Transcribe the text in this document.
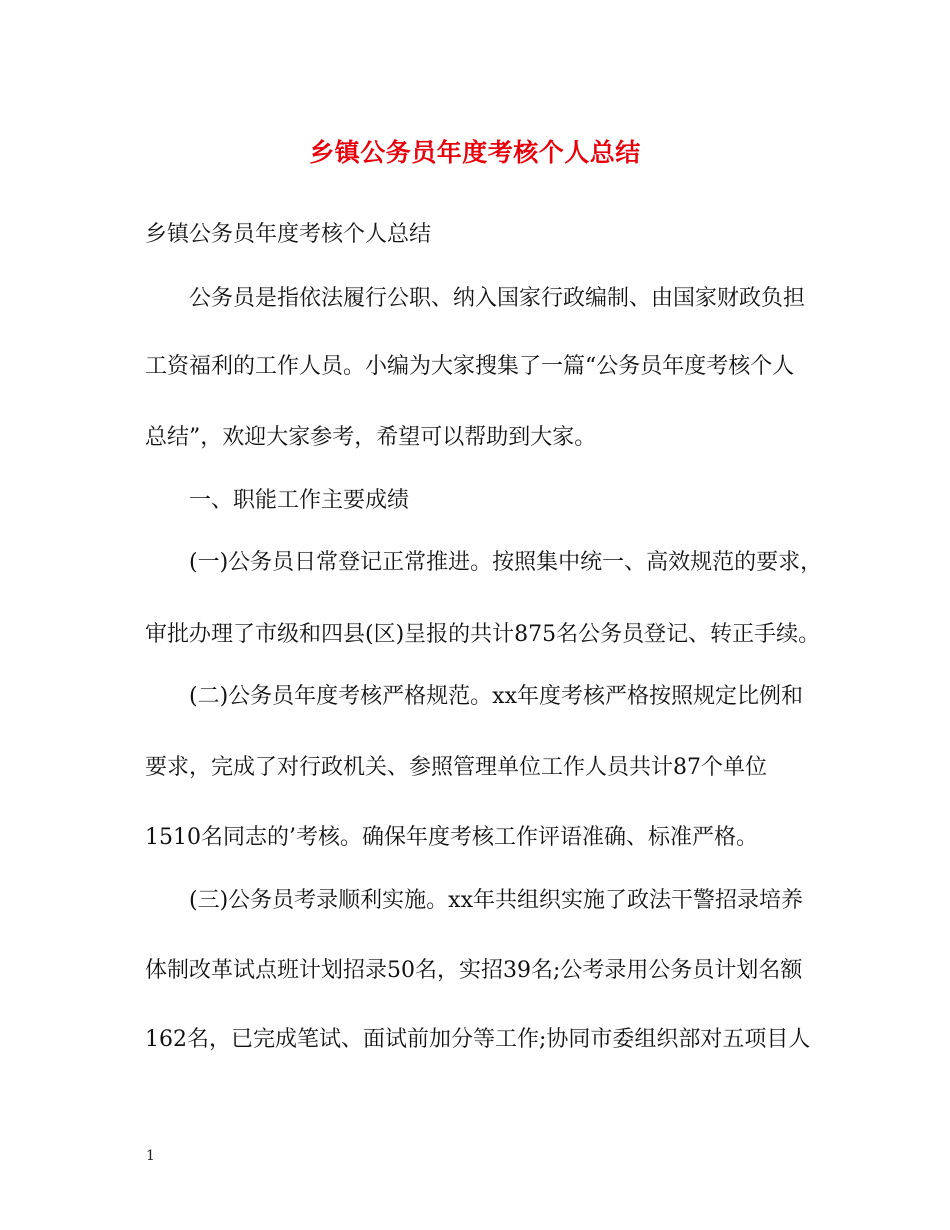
乡镇公务员年度考核个人总结
乡镇公务员年度考核个人总结
公务员是指依法履行公职、纳入国家行政编制、由国家财政负担
工资福利的工作人员。小编为大家搜集了一篇“公务员年度考核个人
总结”，欢迎大家参考，希望可以帮助到大家。
一、职能工作主要成绩
(一)公务员日常登记正常推进。按照集中统一、高效规范的要求，
审批办理了市级和四县(区)呈报的共计875名公务员登记、转正手续。
(二)公务员年度考核严格规范。xx年度考核严格按照规定比例和
要求，完成了对行政机关、参照管理单位工作人员共计87个单位
1510名同志的’考核。确保年度考核工作评语准确、标准严格。
(三)公务员考录顺利实施。xx年共组织实施了政法干警招录培养
体制改革试点班计划招录50名，实招39名;公考录用公务员计划名额
162名，已完成笔试、面试前加分等工作;协同市委组织部对五项目人
1
